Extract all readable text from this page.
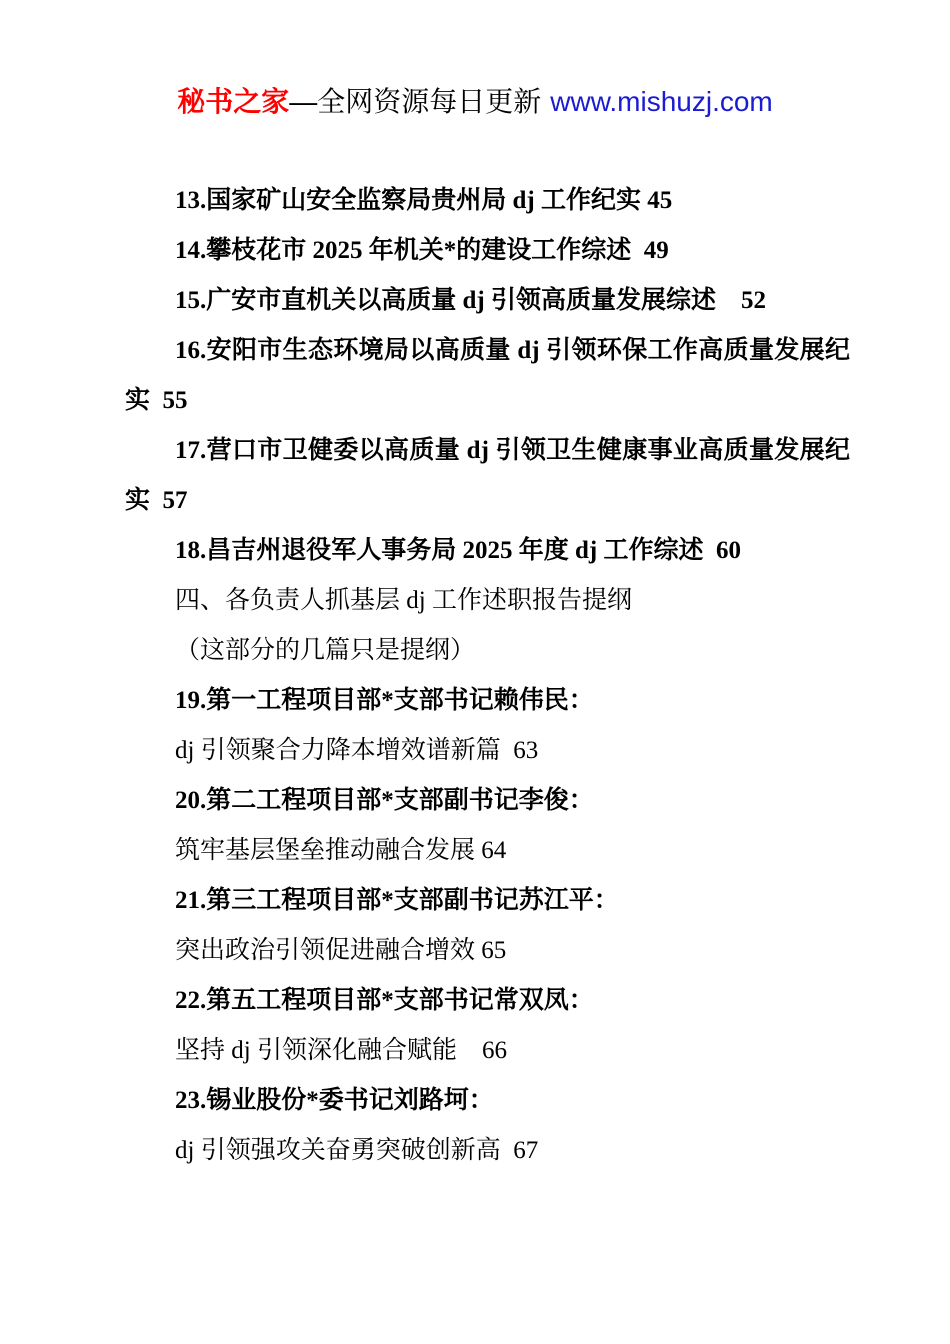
秘书之家—全网资源每日更新 www.mishuzj.com

13.国家矿山安全监察局贵州局 dj 工作纪实 45

14.攀枝花市 2025 年机关*的建设工作综述  49

15.广安市直机关以高质量 dj 引领高质量发展综述    52

16.安阳市生态环境局以高质量 dj 引领环保工作高质量发展纪实  55

17.营口市卫健委以高质量 dj 引领卫生健康事业高质量发展纪实  57

18.昌吉州退役军人事务局 2025 年度 dj 工作综述  60

四、各负责人抓基层 dj 工作述职报告提纲

（这部分的几篇只是提纲）

19.第一工程项目部*支部书记赖伟民：

dj 引领聚合力降本增效谱新篇  63

20.第二工程项目部*支部副书记李俊：

筑牢基层堡垒推动融合发展 64

21.第三工程项目部*支部副书记苏江平：

突出政治引领促进融合增效 65

22.第五工程项目部*支部书记常双凤：

坚持 dj 引领深化融合赋能    66

23.锡业股份*委书记刘路坷：

dj 引领强攻关奋勇突破创新高  67
